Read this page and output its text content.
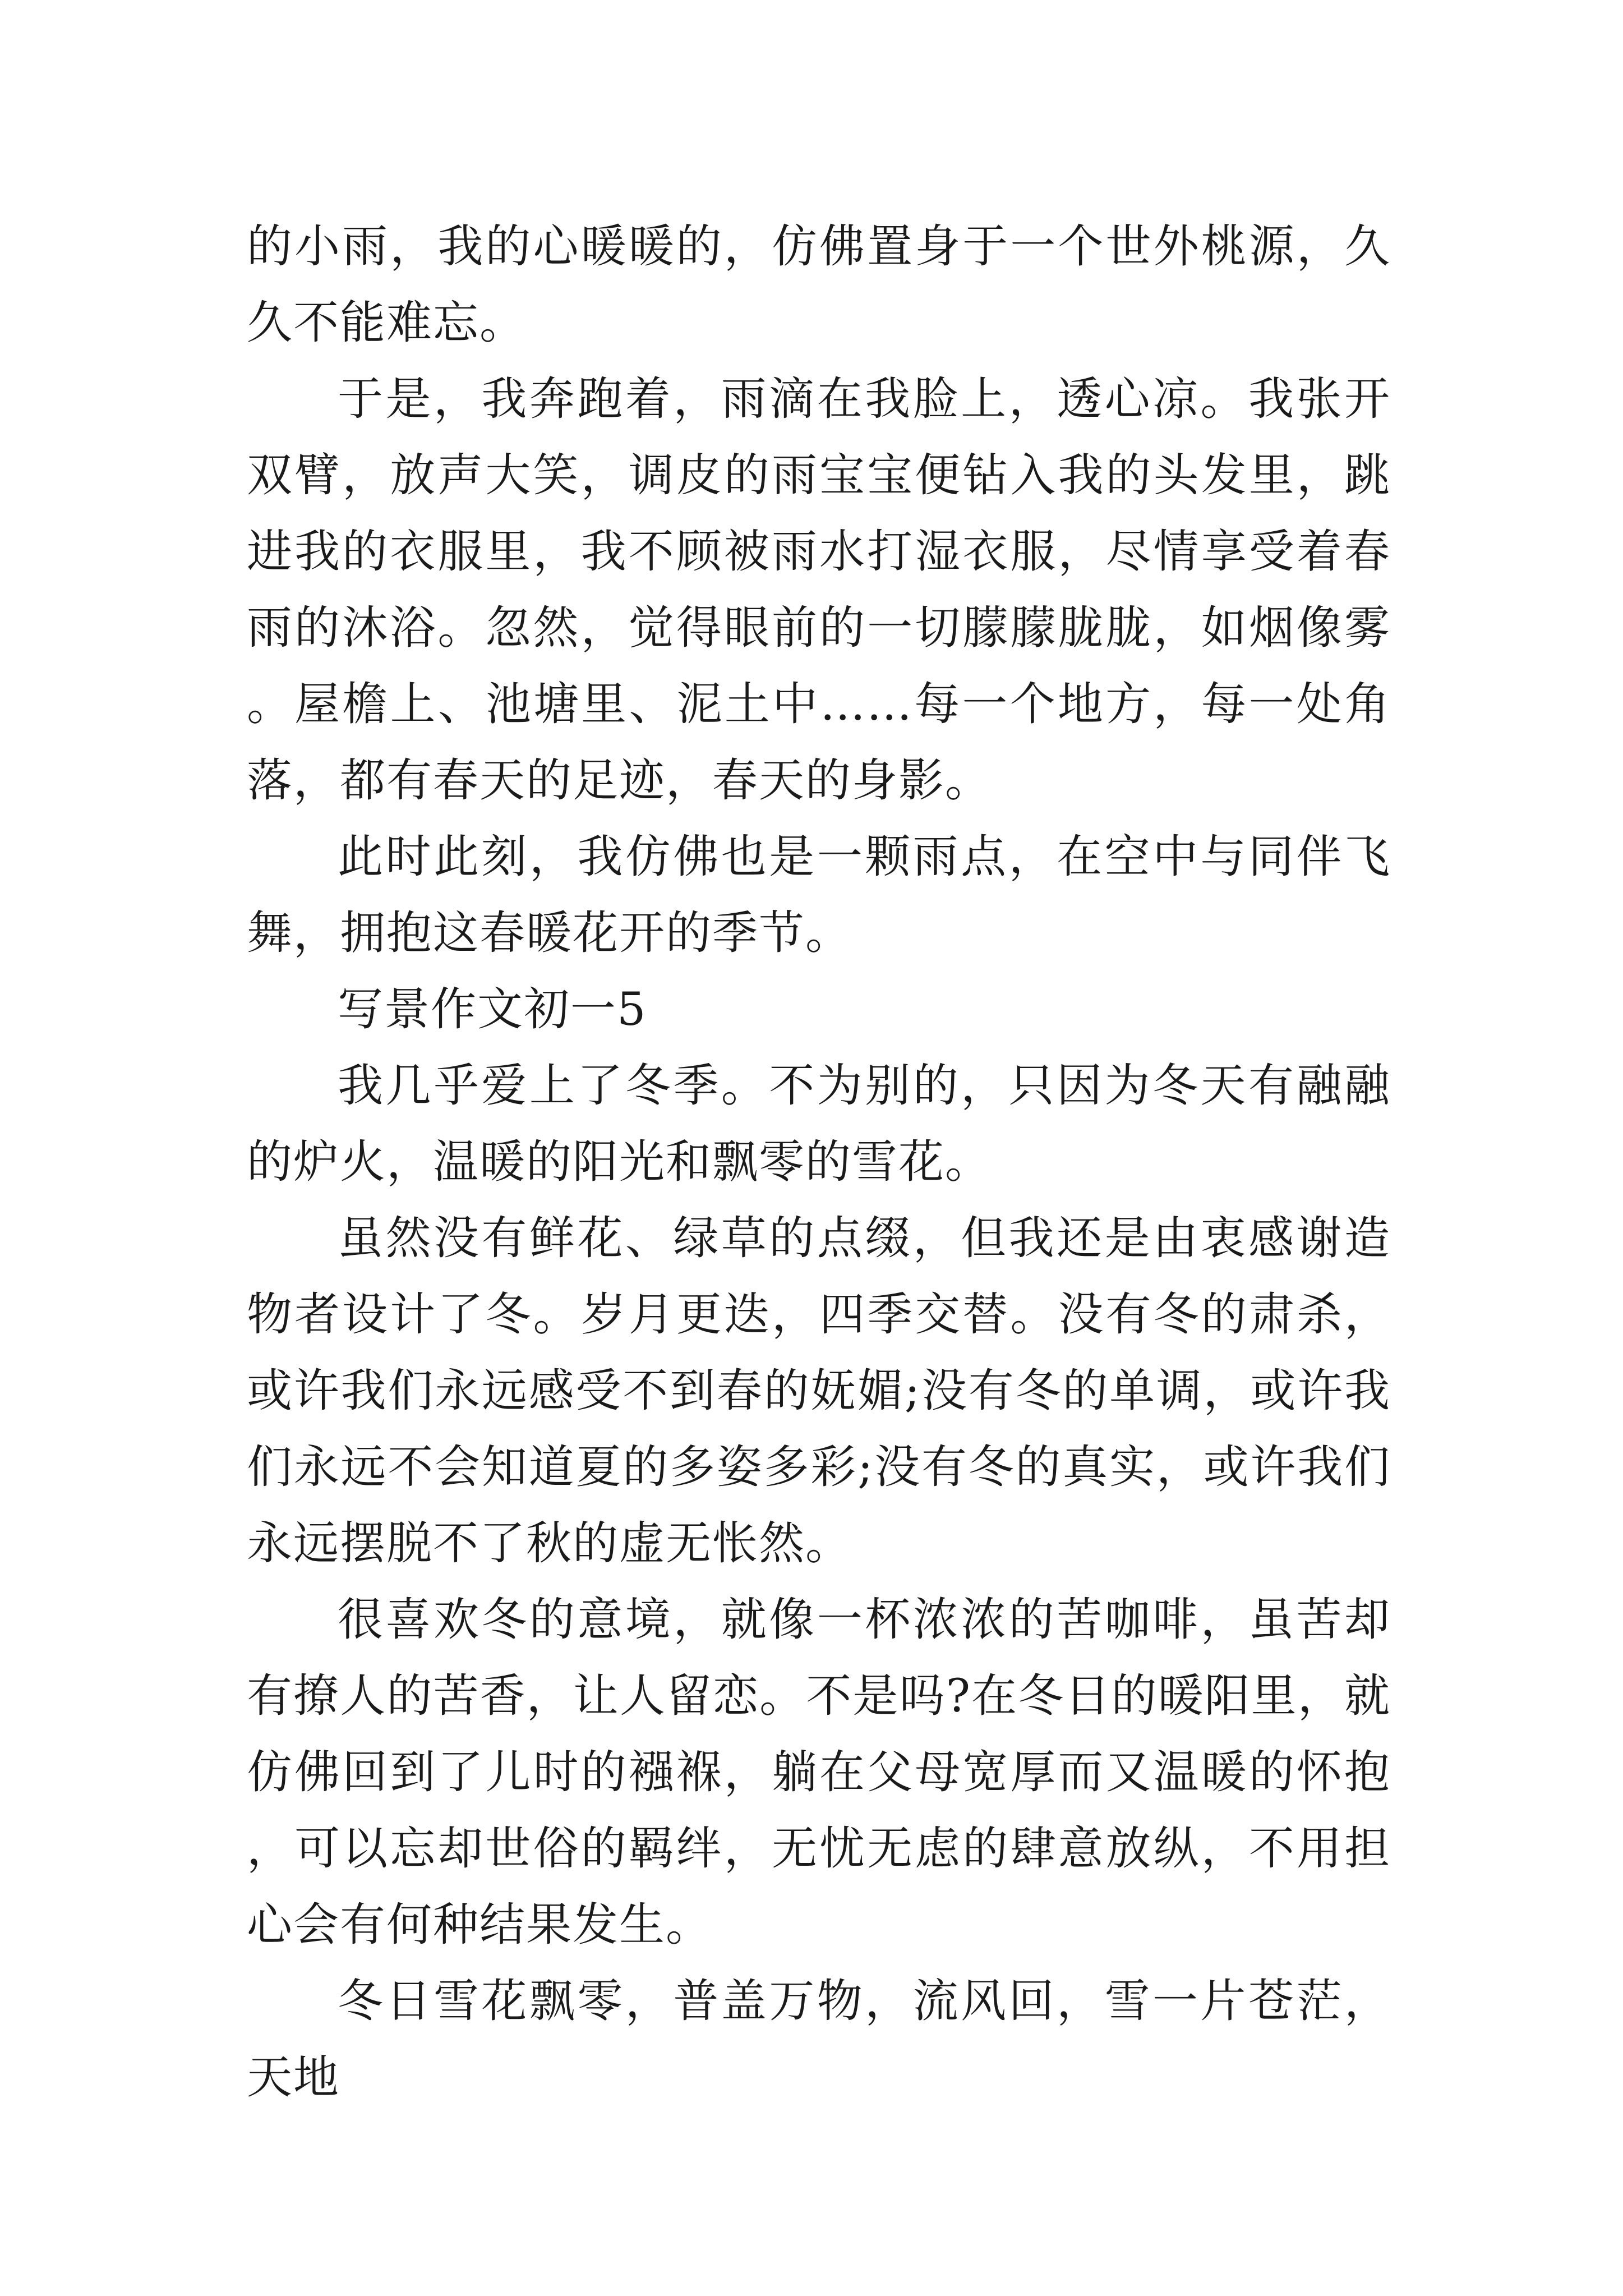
的小雨，我的心暖暖的，仿佛置身于一个世外桃源，久久不能难忘。

于是，我奔跑着，雨滴在我脸上，透心凉。我张开双臂，放声大笑，调皮的雨宝宝便钻入我的头发里，跳进我的衣服里，我不顾被雨水打湿衣服，尽情享受着春雨的沐浴。忽然，觉得眼前的一切朦朦胧胧，如烟像雾。屋檐上、池塘里、泥土中……每一个地方，每一处角落，都有春天的足迹，春天的身影。

此时此刻，我仿佛也是一颗雨点，在空中与同伴飞舞，拥抱这春暖花开的季节。

写景作文初一5

我几乎爱上了冬季。不为别的，只因为冬天有融融的炉火，温暖的阳光和飘零的雪花。

虽然没有鲜花、绿草的点缀，但我还是由衷感谢造物者设计了冬。岁月更迭，四季交替。没有冬的肃杀，或许我们永远感受不到春的妩媚;没有冬的单调，或许我们永远不会知道夏的多姿多彩;没有冬的真实，或许我们永远摆脱不了秋的虚无怅然。

很喜欢冬的意境，就像一杯浓浓的苦咖啡，虽苦却有撩人的苦香，让人留恋。不是吗?在冬日的暖阳里，就仿佛回到了儿时的襁褓，躺在父母宽厚而又温暖的怀抱，可以忘却世俗的羁绊，无忧无虑的肆意放纵，不用担心会有何种结果发生。

冬日雪花飘零，普盖万物，流风回，雪一片苍茫，天地
